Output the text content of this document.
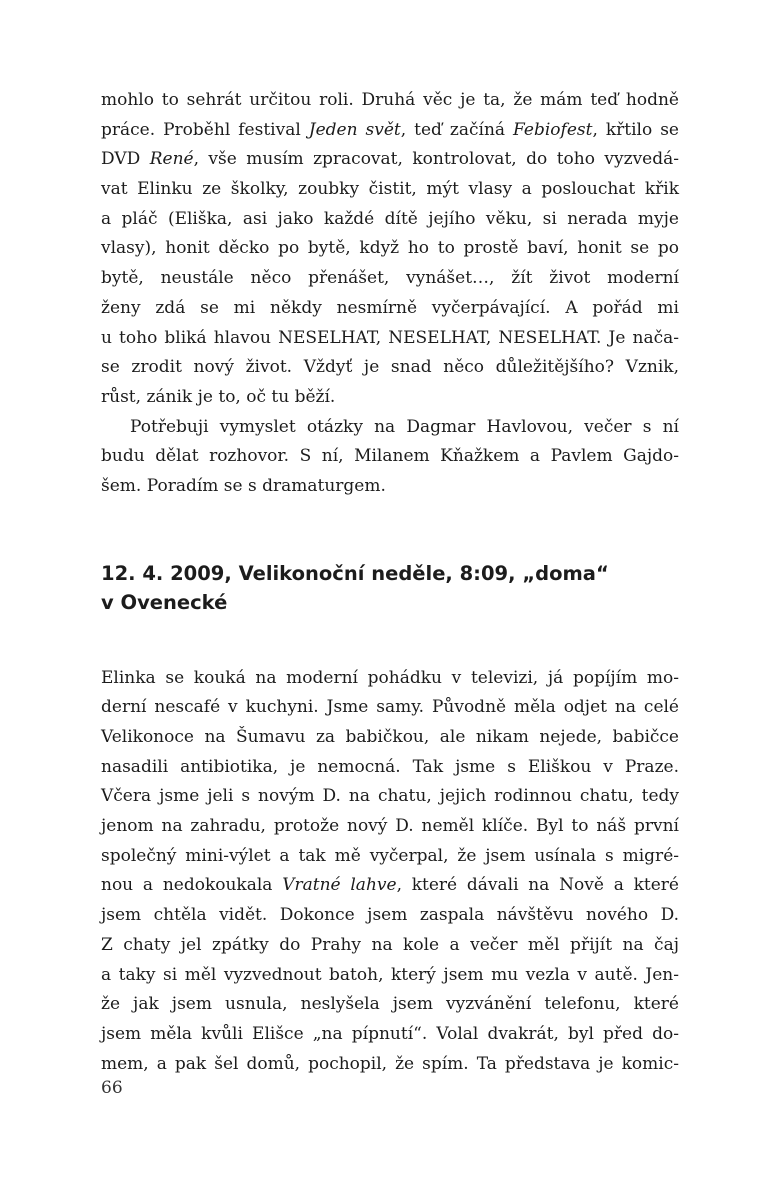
mohlo to sehrát určitou roli. Druhá věc je ta, že mám teď hodně
práce. Proběhl festival Jeden svět, teď začíná Febiofest, křtilo se
DVD René, vše musím zpracovat, kontrolovat, do toho vyzvedá-
vat Elinku ze školky, zoubky čistit, mýt vlasy a poslouchat křik
a pláč (Eliška, asi jako každé dítě jejího věku, si nerada myje
vlasy), honit děcko po bytě, když ho to prostě baví, honit se po
bytě, neustále něco přenášet, vynášet…, žít život moderní
ženy zdá se mi někdy nesmírně vyčerpávající. A pořád mi
u toho bliká hlavou NESELHAT, NESELHAT, NESELHAT. Je nača-
se zrodit nový život. Vždyť je snad něco důležitějšího? Vznik,
růst, zánik je to, oč tu běží.
Potřebuji vymyslet otázky na Dagmar Havlovou, večer s ní
budu dělat rozhovor. S ní, Milanem Kňažkem a Pavlem Gajdo-
šem. Poradím se s dramaturgem.
12. 4. 2009, Velikonoční neděle, 8:09, „doma“
v Ovenecké
Elinka se kouká na moderní pohádku v televizi, já popíjím mo-
derní nescafé v kuchyni. Jsme samy. Původně měla odjet na celé
Velikonoce na Šumavu za babičkou, ale nikam nejede, babičce
nasadili antibiotika, je nemocná. Tak jsme s Eliškou v Praze.
Včera jsme jeli s novým D. na chatu, jejich rodinnou chatu, tedy
jenom na zahradu, protože nový D. neměl klíče. Byl to náš první
společný mini-výlet a tak mě vyčerpal, že jsem usínala s migré-
nou a nedokoukala Vratné lahve, které dávali na Nově a které
jsem chtěla vidět. Dokonce jsem zaspala návštěvu nového D.
Z chaty jel zpátky do Prahy na kole a večer měl přijít na čaj
a taky si měl vyzvednout batoh, který jsem mu vezla v autě. Jen-
že jak jsem usnula, neslyšela jsem vyzvánění telefonu, které
jsem měla kvůli Elišce „na pípnutí“. Volal dvakrát, byl před do-
mem, a pak šel domů, pochopil, že spím. Ta představa je komic-
66
